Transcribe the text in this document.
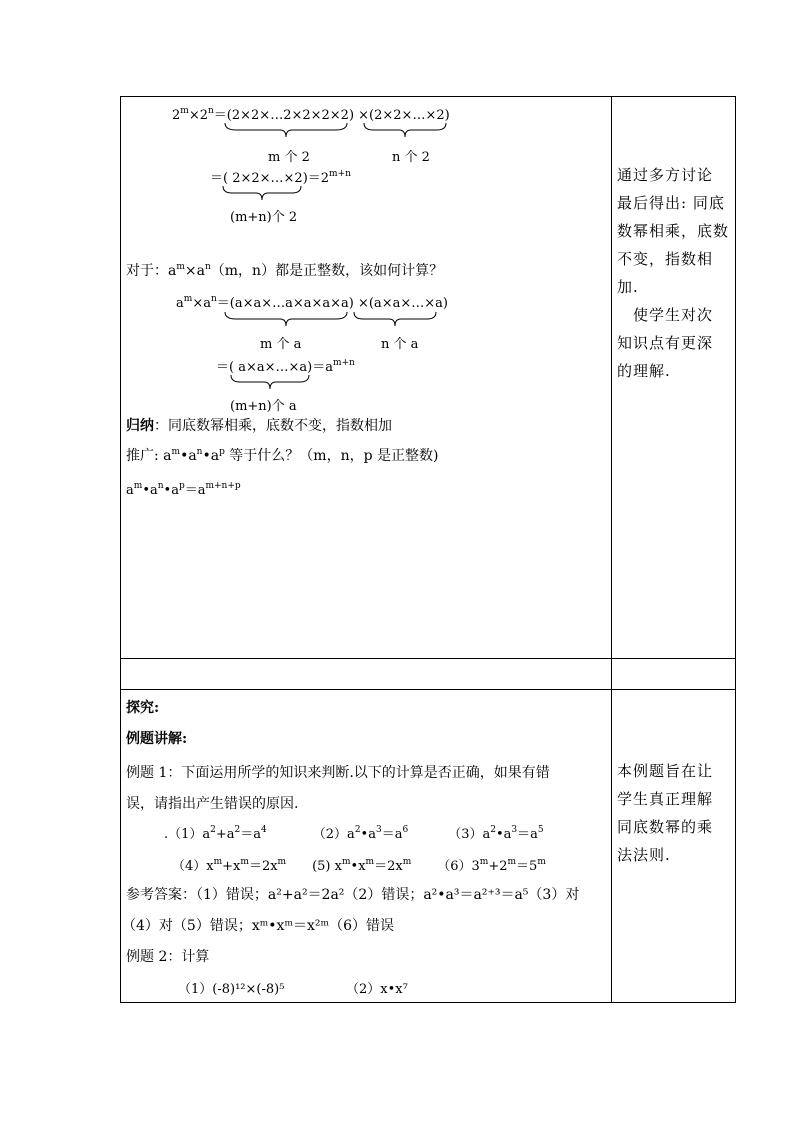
$2^m\times 2^n=(2\times 2\times\dots 2\times 2\times 2\times 2)$ ×(2×2×…×2)
m 个 2	n 个 2
＝( $2\times 2\times\dots\times 2)=2^{m+n}$
(m+n)个 2
对于：$a^m\times a^n(m$，n）都是正整数，该如何计算？
$a^m\times a^n=(a\times a\times\dots a\times a\times a\times a)$ ×(a×a×…×a)
m 个 a	n 个 a
＝( $a\times a\times\dots\times a)=a^{m+n}$
(m+n)个 a
归纳：同底数幂相乘，底数不变，指数相加
推广: $a^m•a^n•a^p$ 等于什么？（m，n，p 是正整数)
$a^m•a^n•a^p=a^{m+n+p}$
通过多方讨论
最后得出: 同底
数幂相乘，底数
不变，指数相
加.
　使学生对次
知识点有更深
的理解.
探究:
例题讲解:
例题 1：下面运用所学的知识来判断.以下的计算是否正确，如果有错
误，请指出产生错误的原因.
$.(1)a^2+a^2=a^4$	$(2)a^2•a^3=a^6$	$(3)a^2•a^3=a^5$
$(4)x^m+x^m=2x^m$ (5) $x^m•x^m=2x^m$ $(6)3^m+2^m=5^m$
参考答案：（1）错误；a²+a²＝2a²（2）错误；a²•a³＝a²⁺³＝a⁵（3）对
（4）对（5）错误；xᵐ•xᵐ＝x²ᵐ（6）错误
例题 2：计算
（1）(-8)¹²×(-8)⁵	（2）x•x⁷
本例题旨在让
学生真正理解
同底数幂的乘
法法则.
